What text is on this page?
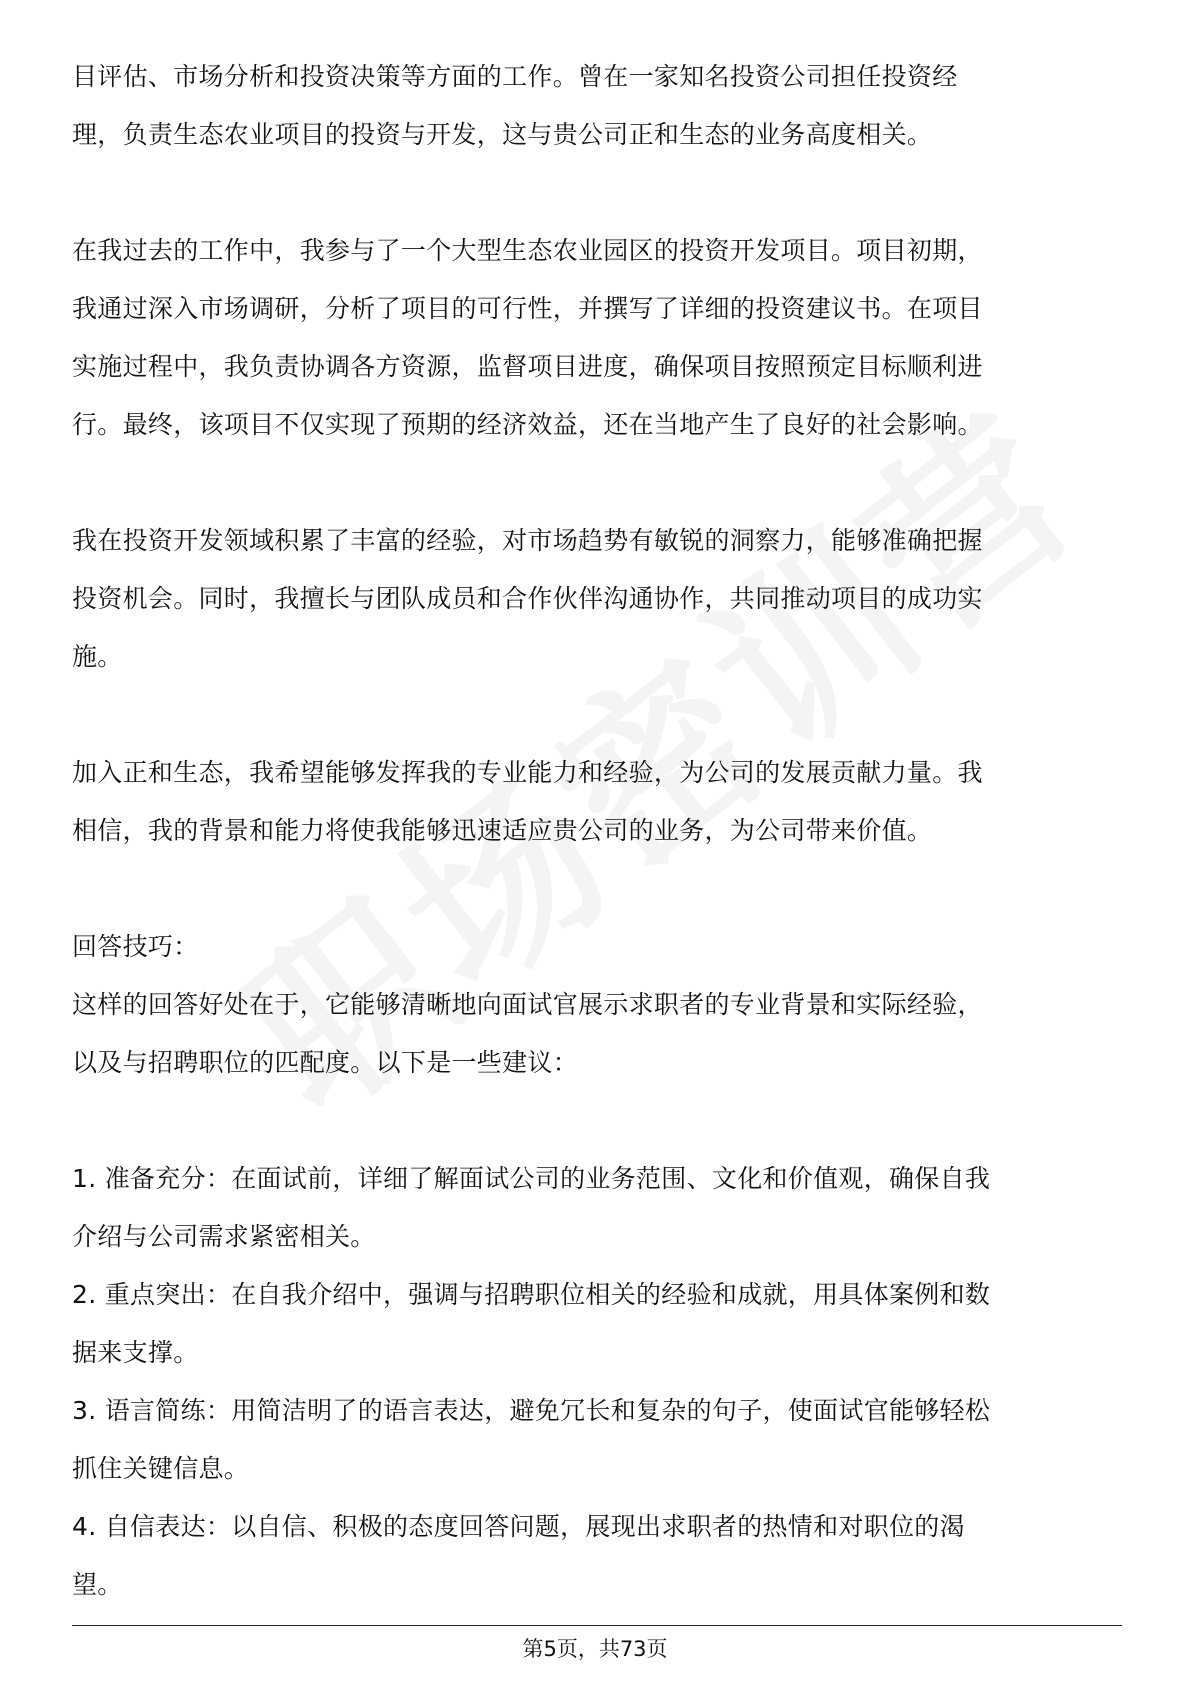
目评估、市场分析和投资决策等方面的工作。曾在一家知名投资公司担任投资经
理，负责生态农业项目的投资与开发，这与贵公司正和生态的业务高度相关。
在我过去的工作中，我参与了一个大型生态农业园区的投资开发项目。项目初期，
我通过深入市场调研，分析了项目的可行性，并撰写了详细的投资建议书。在项目
实施过程中，我负责协调各方资源，监督项目进度，确保项目按照预定目标顺利进
行。最终，该项目不仅实现了预期的经济效益，还在当地产生了良好的社会影响。
我在投资开发领域积累了丰富的经验，对市场趋势有敏锐的洞察力，能够准确把握
投资机会。同时，我擅长与团队成员和合作伙伴沟通协作，共同推动项目的成功实
施。
加入正和生态，我希望能够发挥我的专业能力和经验，为公司的发展贡献力量。我
相信，我的背景和能力将使我能够迅速适应贵公司的业务，为公司带来价值。
回答技巧：
这样的回答好处在于，它能够清晰地向面试官展示求职者的专业背景和实际经验，
以及与招聘职位的匹配度。以下是一些建议：
1. 准备充分：在面试前，详细了解面试公司的业务范围、文化和价值观，确保自我
介绍与公司需求紧密相关。
2. 重点突出：在自我介绍中，强调与招聘职位相关的经验和成就，用具体案例和数
据来支撑。
3. 语言简练：用简洁明了的语言表达，避免冗长和复杂的句子，使面试官能够轻松
抓住关键信息。
4. 自信表达：以自信、积极的态度回答问题，展现出求职者的热情和对职位的渴
望。
第5页，共73页
